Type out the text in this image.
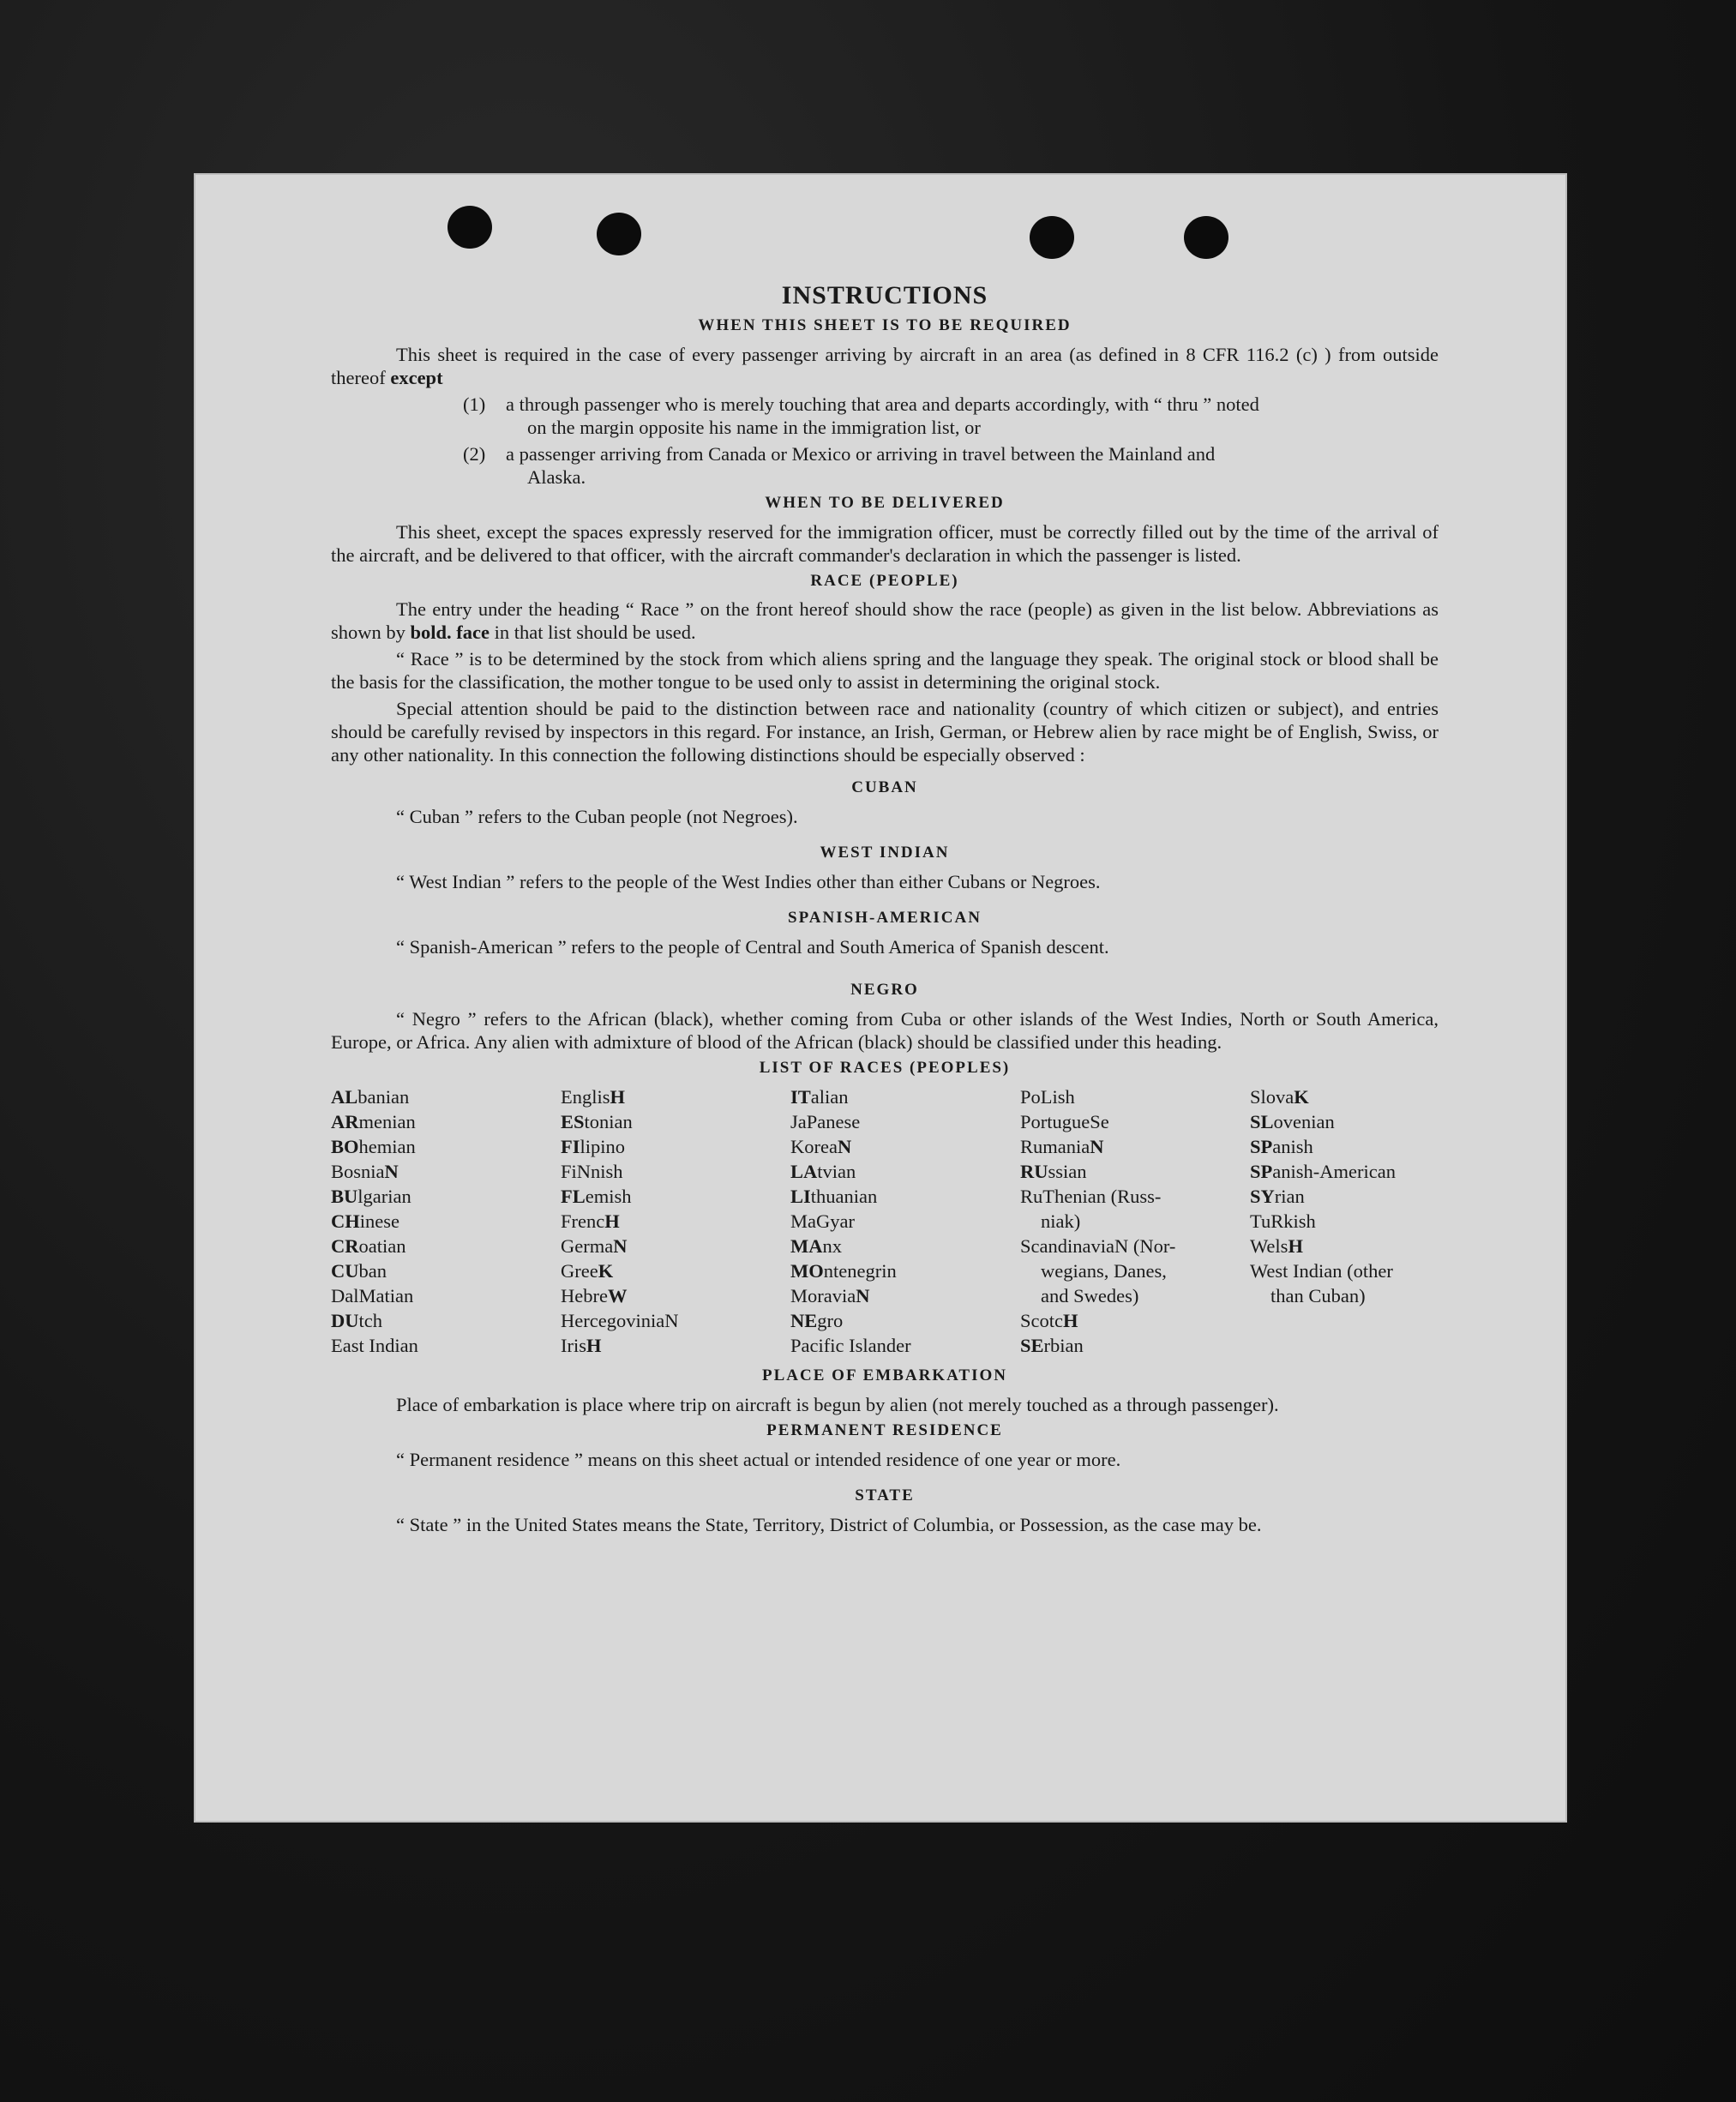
INSTRUCTIONS
WHEN THIS SHEET IS TO BE REQUIRED

This sheet is required in the case of every passenger arriving by aircraft in an area (as defined in 8 CFR 116.2 (c) ) from outside thereof except

(1)	a through passenger who is merely touching that area and departs accordingly, with “ thru ” noted
on the margin opposite his name in the immigration list, or
(2)	a passenger arriving from Canada or Mexico or arriving in travel between the Mainland and
Alaska.
WHEN TO BE DELIVERED

This sheet, except the spaces expressly reserved for the immigration officer, must be correctly filled out by the time of the arrival of the aircraft, and be delivered to that officer, with the aircraft commander's declaration in which the passenger is listed.

RACE (PEOPLE)

The entry under the heading “ Race ” on the front hereof should show the race (people) as given in the list below. Abbreviations as shown by bold. face in that list should be used.

“ Race ” is to be determined by the stock from which aliens spring and the language they speak. The original stock or blood shall be the basis for the classification, the mother tongue to be used only to assist in determining the original stock.

Special attention should be paid to the distinction between race and nationality (country of which citizen or subject), and entries should be carefully revised by inspectors in this regard. For instance, an Irish, German, or Hebrew alien by race might be of English, Swiss, or any other nationality. In this connection the following distinctions should be especially observed :

CUBAN

“ Cuban ” refers to the Cuban people (not Negroes).

WEST INDIAN

“ West Indian ” refers to the people of the West Indies other than either Cubans or Negroes.

SPANISH-AMERICAN

“ Spanish-American ” refers to the people of Central and South America of Spanish descent.

NEGRO

“ Negro ” refers to the African (black), whether coming from Cuba or other islands of the West Indies, North or South America, Europe, or Africa. Any alien with admixture of blood of the African (black) should be classified under this heading.

LIST OF RACES (PEOPLES)
ALbanian
ARmenian
BOhemian
BosniaN
BUlgarian
CHinese
CRoatian
CUban
DalMatian
DUtch
East Indian
EnglisH
EStonian
FIlipino
FiNnish
FLemish
FrencH
GermaN
GreeK
HebreW
HercegoviniaN
IrisH
ITalian
JaPanese
KoreaN
LAtvian
LIthuanian
MaGyar
MAnx
MOntenegrin
MoraviaN
NEgro
Pacific Islander
PoLish
PortugueSe
RumaniaN
RUssian
RuThenian (Russ-
niak)
ScandinaviaN (Nor-
wegians, Danes,
and Swedes)
ScotcH
SErbian
SlovaK
SLovenian
SPanish
SPanish-American
SYrian
TuRkish
WelsH
West Indian (other
than Cuban)
PLACE OF EMBARKATION

Place of embarkation is place where trip on aircraft is begun by alien (not merely touched as a through passenger).

PERMANENT RESIDENCE

“ Permanent residence ” means on this sheet actual or intended residence of one year or more.

STATE

“ State ” in the United States means the State, Territory, District of Columbia, or Possession, as the case may be.
